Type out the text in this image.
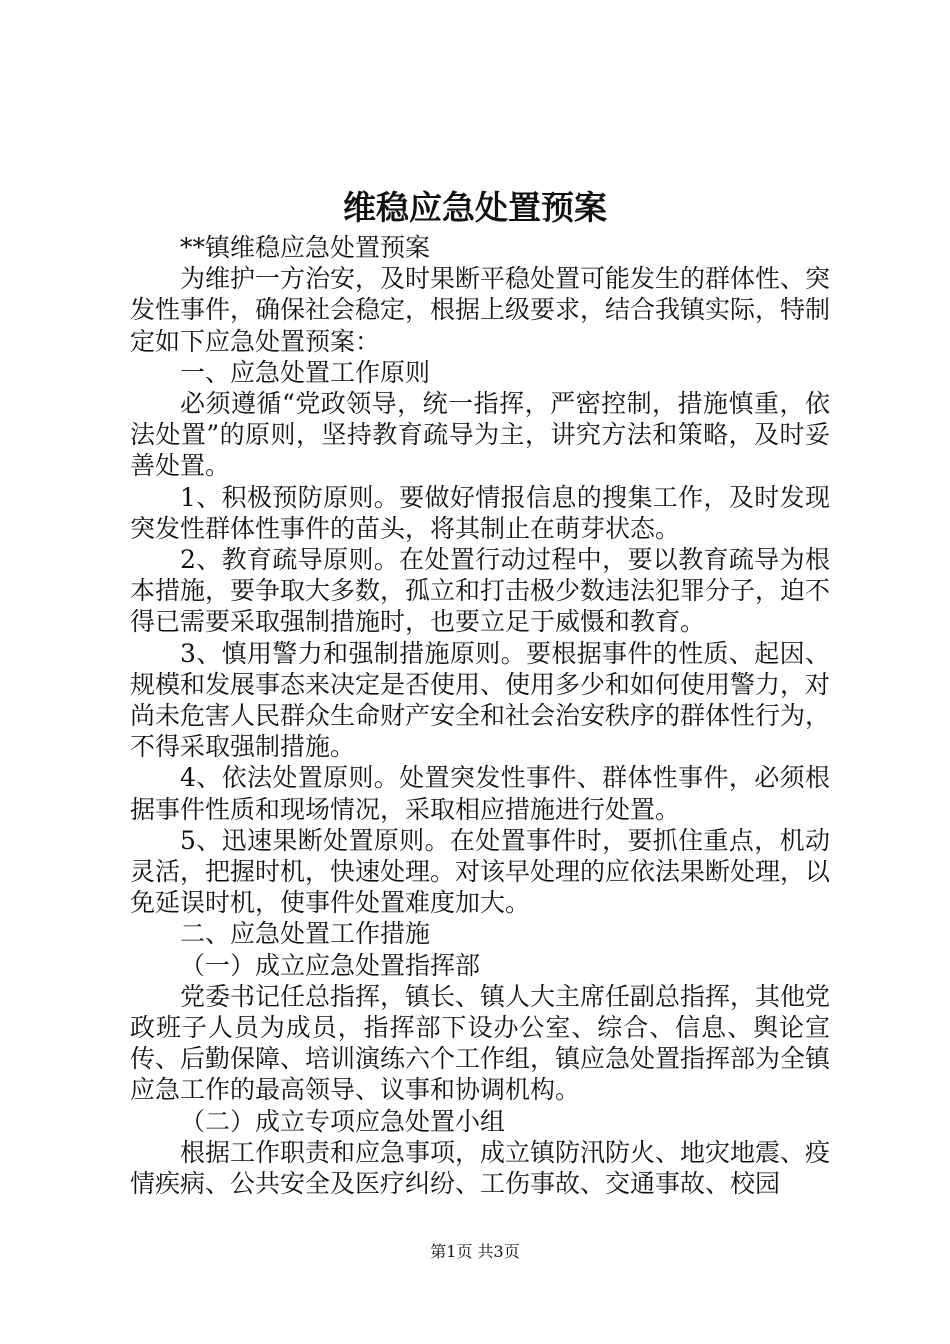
维稳应急处置预案

**镇维稳应急处置预案

为维护一方治安，及时果断平稳处置可能发生的群体性、突发性事件，确保社会稳定，根据上级要求，结合我镇实际，特制定如下应急处置预案：

一、应急处置工作原则

必须遵循“党政领导，统一指挥，严密控制，措施慎重，依法处置”的原则，坚持教育疏导为主，讲究方法和策略，及时妥善处置。

1、积极预防原则。要做好情报信息的搜集工作，及时发现突发性群体性事件的苗头，将其制止在萌芽状态。

2、教育疏导原则。在处置行动过程中，要以教育疏导为根本措施，要争取大多数，孤立和打击极少数违法犯罪分子，迫不得已需要采取强制措施时，也要立足于威慑和教育。

3、慎用警力和强制措施原则。要根据事件的性质、起因、规模和发展事态来决定是否使用、使用多少和如何使用警力，对尚未危害人民群众生命财产安全和社会治安秩序的群体性行为，不得采取强制措施。

4、依法处置原则。处置突发性事件、群体性事件，必须根据事件性质和现场情况，采取相应措施进行处置。

5、迅速果断处置原则。在处置事件时，要抓住重点，机动灵活，把握时机，快速处理。对该早处理的应依法果断处理，以免延误时机，使事件处置难度加大。

二、应急处置工作措施

（一）成立应急处置指挥部

党委书记任总指挥，镇长、镇人大主席任副总指挥，其他党政班子人员为成员，指挥部下设办公室、综合、信息、舆论宣传、后勤保障、培训演练六个工作组，镇应急处置指挥部为全镇应急工作的最高领导、议事和协调机构。

（二）成立专项应急处置小组

根据工作职责和应急事项，成立镇防汛防火、地灾地震、疫情疾病、公共安全及医疗纠纷、工伤事故、交通事故、校园

第1页 共3页
